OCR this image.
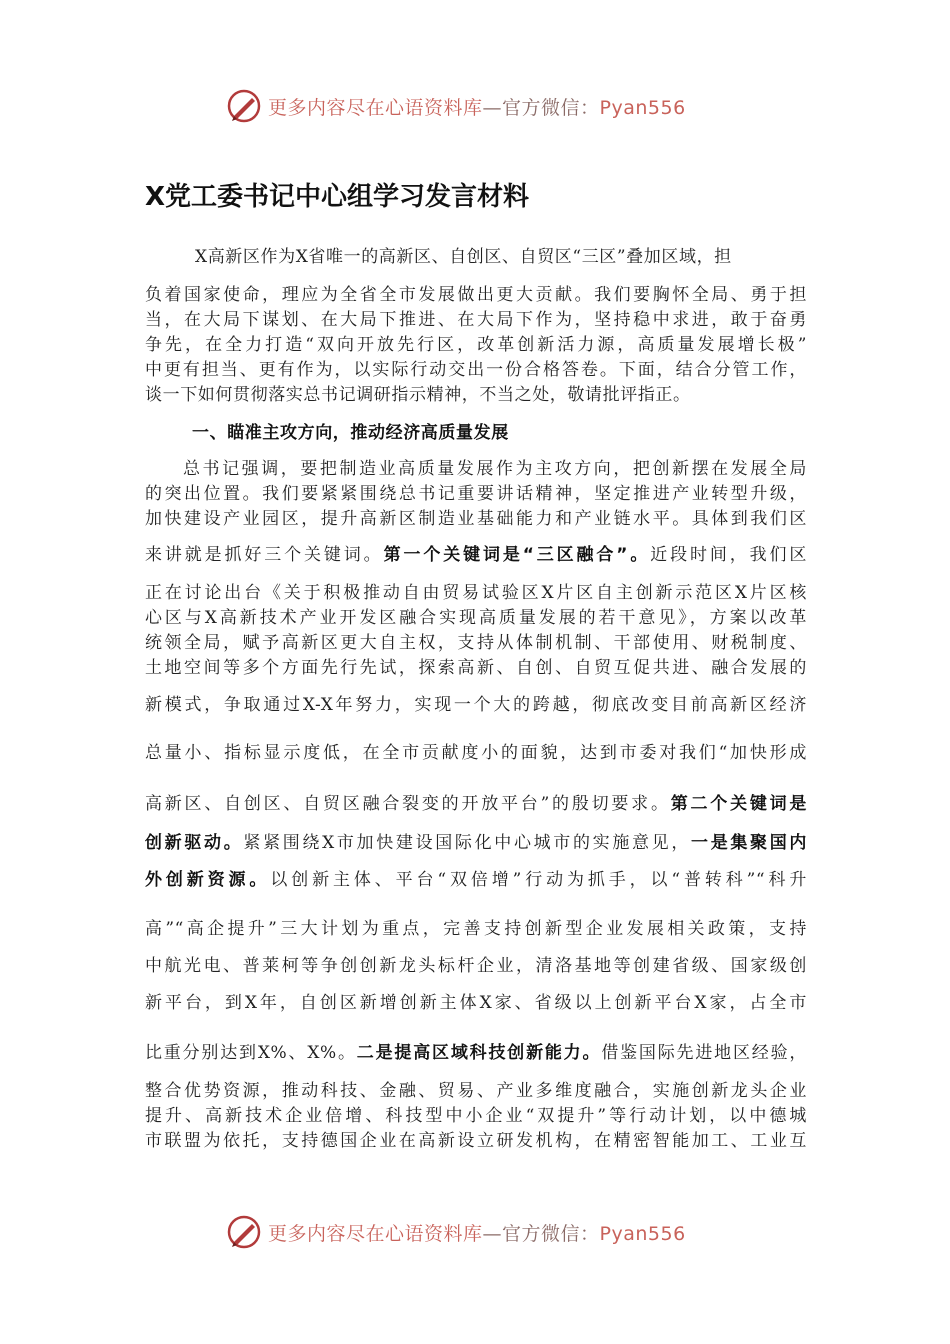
更多内容尽在心语资料库—官方微信：Pyan556
X党工委书记中心组学习发言材料
X高新区作为X省唯一的高新区、自创区、自贸区“三区”叠加区域，担
负着国家使命，理应为全省全市发展做出更大贡献。我们要胸怀全局、勇于担
当，在大局下谋划、在大局下推进、在大局下作为，坚持稳中求进，敢于奋勇
争先，在全力打造“双向开放先行区，改革创新活力源，高质量发展增长极”
中更有担当、更有作为，以实际行动交出一份合格答卷。下面，结合分管工作，
谈一下如何贯彻落实总书记调研指示精神，不当之处，敬请批评指正。
一、瞄准主攻方向，推动经济高质量发展
总书记强调，要把制造业高质量发展作为主攻方向，把创新摆在发展全局
的突出位置。我们要紧紧围绕总书记重要讲话精神，坚定推进产业转型升级，
加快建设产业园区，提升高新区制造业基础能力和产业链水平。具体到我们区
来讲就是抓好三个关键词。第一个关键词是“三区融合”。近段时间，我们区
正在讨论出台《关于积极推动自由贸易试验区X片区自主创新示范区X片区核
心区与X高新技术产业开发区融合实现高质量发展的若干意见》，方案以改革
统领全局，赋予高新区更大自主权，支持从体制机制、干部使用、财税制度、
土地空间等多个方面先行先试，探索高新、自创、自贸互促共进、融合发展的
新模式，争取通过X-X年努力，实现一个大的跨越，彻底改变目前高新区经济
总量小、指标显示度低，在全市贡献度小的面貌，达到市委对我们“加快形成
高新区、自创区、自贸区融合裂变的开放平台”的殷切要求。第二个关键词是
创新驱动。紧紧围绕X市加快建设国际化中心城市的实施意见，一是集聚国内
外创新资源。以创新主体、平台“双倍增”行动为抓手，以“普转科”“科升
高”“高企提升”三大计划为重点，完善支持创新型企业发展相关政策，支持
中航光电、普莱柯等争创创新龙头标杆企业，清洛基地等创建省级、国家级创
新平台，到X年，自创区新增创新主体X家、省级以上创新平台X家，占全市
比重分别达到X%、X%。二是提高区域科技创新能力。借鉴国际先进地区经验，
整合优势资源，推动科技、金融、贸易、产业多维度融合，实施创新龙头企业
提升、高新技术企业倍增、科技型中小企业“双提升”等行动计划，以中德城
市联盟为依托，支持德国企业在高新设立研发机构，在精密智能加工、工业互
更多内容尽在心语资料库—官方微信：Pyan556
